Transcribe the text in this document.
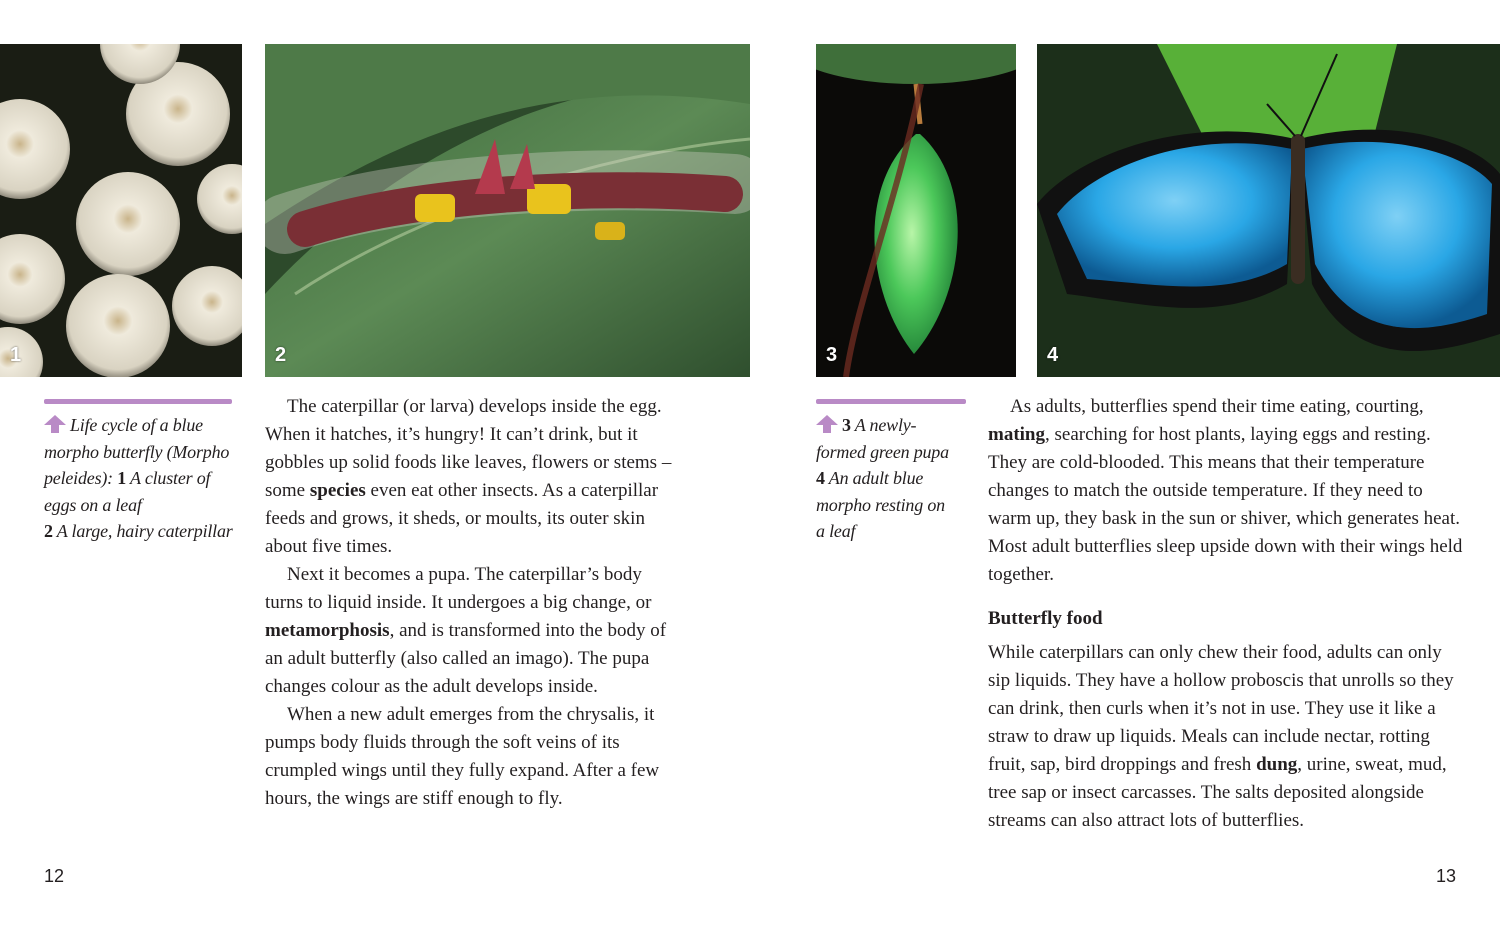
1	2	3	4
Life cycle of a blue
morpho butterfly (Morpho
peleides): 1 A cluster of
eggs on a leaf
2 A large, hairy caterpillar

The caterpillar (or larva) develops inside the egg. When it hatches, it’s hungry! It can’t drink, but it gobbles up solid foods like leaves, flowers or stems – some species even eat other insects. As a caterpillar feeds and grows, it sheds, or moults, its outer skin about five times.

Next it becomes a pupa. The caterpillar’s body turns to liquid inside. It undergoes a big change, or metamorphosis, and is transformed into the body of an adult butterfly (also called an imago). The pupa changes colour as the adult develops inside.

When a new adult emerges from the chrysalis, it pumps body fluids through the soft veins of its crumpled wings until they fully expand. After a few hours, the wings are stiff enough to fly.

3 A newly-
formed green pupa
4 An adult blue
morpho resting on
a leaf

As adults, butterflies spend their time eating, courting, mating, searching for host plants, laying eggs and resting. They are cold-blooded. This means that their temperature changes to match the outside temperature. If they need to warm up, they bask in the sun or shiver, which generates heat. Most adult butterflies sleep upside down with their wings held together.

Butterfly food

While caterpillars can only chew their food, adults can only sip liquids. They have a hollow proboscis that unrolls so they can drink, then curls when it’s not in use. They use it like a straw to draw up liquids. Meals can include nectar, rotting fruit, sap, bird droppings and fresh dung, urine, sweat, mud, tree sap or insect carcasses. The salts deposited alongside streams can also attract lots of butterflies.

12	13
